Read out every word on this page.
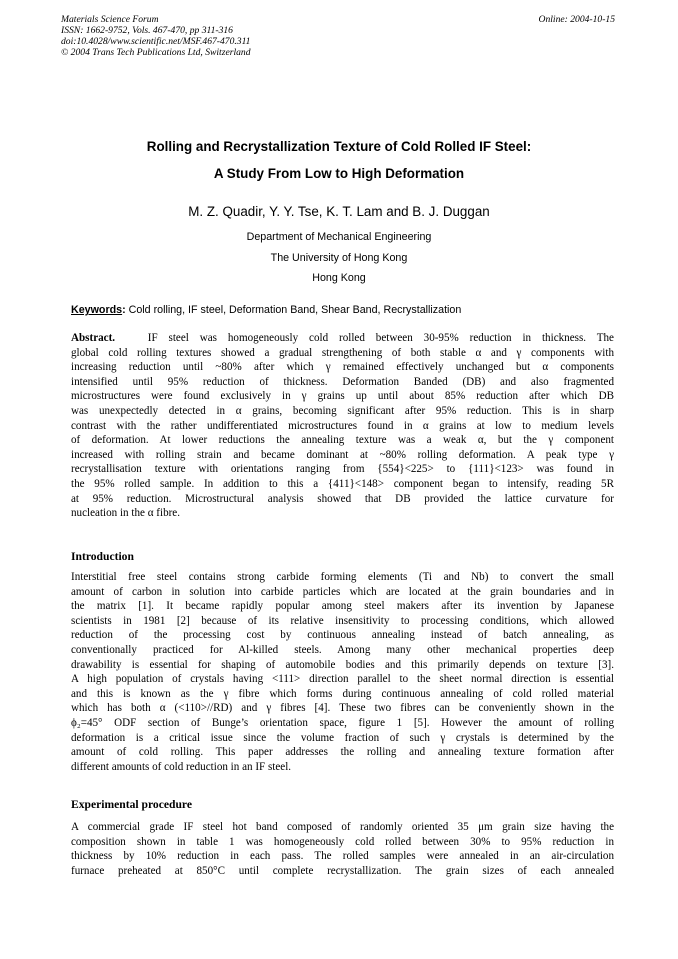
Materials Science Forum
ISSN: 1662-9752, Vols. 467-470, pp 311-316
doi:10.4028/www.scientific.net/MSF.467-470.311
© 2004 Trans Tech Publications Ltd, Switzerland
Online: 2004-10-15
Rolling and Recrystallization Texture of Cold Rolled IF Steel:
A Study From Low to High Deformation
M. Z. Quadir, Y. Y. Tse, K. T. Lam and B. J. Duggan
Department of Mechanical Engineering
The University of Hong Kong
Hong Kong
Keywords: Cold rolling, IF steel, Deformation Band, Shear Band, Recrystallization
Abstract.	IF steel was homogeneously cold rolled between 30-95% reduction in thickness. The
global cold rolling textures showed a gradual strengthening of both stable α and γ components with
increasing reduction until ~80% after which γ remained effectively unchanged but α components
intensified until 95% reduction of thickness. Deformation Banded (DB) and also fragmented
microstructures were found exclusively in γ grains up until about 85% reduction after which DB
was unexpectedly detected in α grains, becoming significant after 95% reduction. This is in sharp
contrast with the rather undifferentiated microstructures found in α grains at low to medium levels
of deformation. At lower reductions the annealing texture was a weak α, but the γ component
increased with rolling strain and became dominant at ~80% rolling deformation. A peak type γ
recrystallisation texture with orientations ranging from {554}<225> to {111}<123> was found in
the 95% rolled sample. In addition to this a {411}<148> component began to intensify, reading 5R
at 95% reduction. Microstructural analysis showed that DB provided the lattice curvature for
nucleation in the α fibre.
Introduction
Interstitial free steel contains strong carbide forming elements (Ti and Nb) to convert the small
amount of carbon in solution into carbide particles which are located at the grain boundaries and in
the matrix [1]. It became rapidly popular among steel makers after its invention by Japanese
scientists in 1981 [2] because of its relative insensitivity to processing conditions, which allowed
reduction of the processing cost by continuous annealing instead of batch annealing, as
conventionally practiced for Al-killed steels. Among many other mechanical properties deep
drawability is essential for shaping of automobile bodies and this primarily depends on texture [3].
A high population of crystals having <111> direction parallel to the sheet normal direction is essential
and this is known as the γ fibre which forms during continuous annealing of cold rolled material
which has both α (<110>//RD) and γ fibres [4]. These two fibres can be conveniently shown in the
ϕ₂=45° ODF section of Bunge’s orientation space, figure 1 [5]. However the amount of rolling
deformation is a critical issue since the volume fraction of such γ crystals is determined by the
amount of cold rolling. This paper addresses the rolling and annealing texture formation after
different amounts of cold reduction in an IF steel.
Experimental procedure
A commercial grade IF steel hot band composed of randomly oriented 35 μm grain size having the
composition shown in table 1 was homogeneously cold rolled between 30% to 95% reduction in
thickness by 10% reduction in each pass. The rolled samples were annealed in an air-circulation
furnace preheated at 850°C until complete recrystallization. The grain sizes of each annealed
